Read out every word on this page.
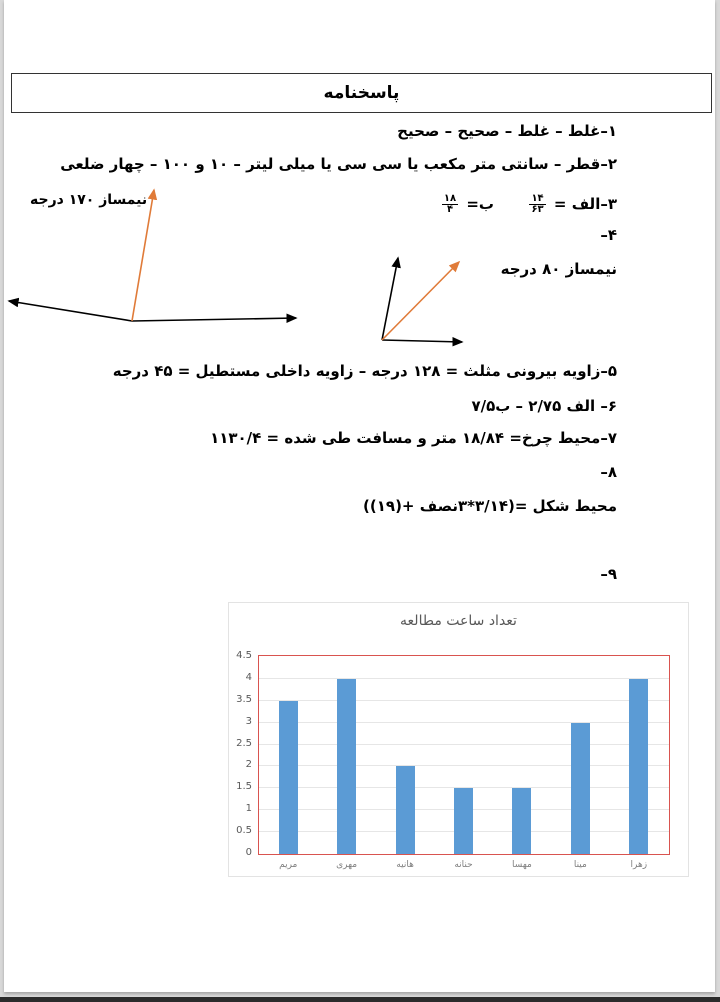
پاسخنامه
۱–غلط – غلط – صحیح – صحیح
۲–قطر – سانتی متر مکعب یا سی سی یا میلی لیتر – ۱۰ و ۱۰۰ – چهار ضلعی
۳–الف =
$\frac{۱۴}{۶۳}$
ب=
$\frac{۱۸}{۴}$
۴–
نیمساز ۸۰ درجه
نیمساز ۱۷۰ درجه
۵–زاویه بیرونی مثلث = ۱۲۸ درجه – زاویه داخلی مستطیل = ۴۵ درجه
۶– الف ۲/۷۵ – ب۷/۵
۷–محیط چرخ= ۱۸/۸۴ متر و مسافت طی شده = ۱۱۳۰/۴
۸–
محیط شکل =(۳/۱۴*۳نصف +(۱۹))
۹–
تعداد ساعت مطالعه
0
0.5
1
1.5
2
2.5
3
3.5
4
4.5
مریم	مهری	هانیه	حنانه	مهسا	مینا	زهرا
